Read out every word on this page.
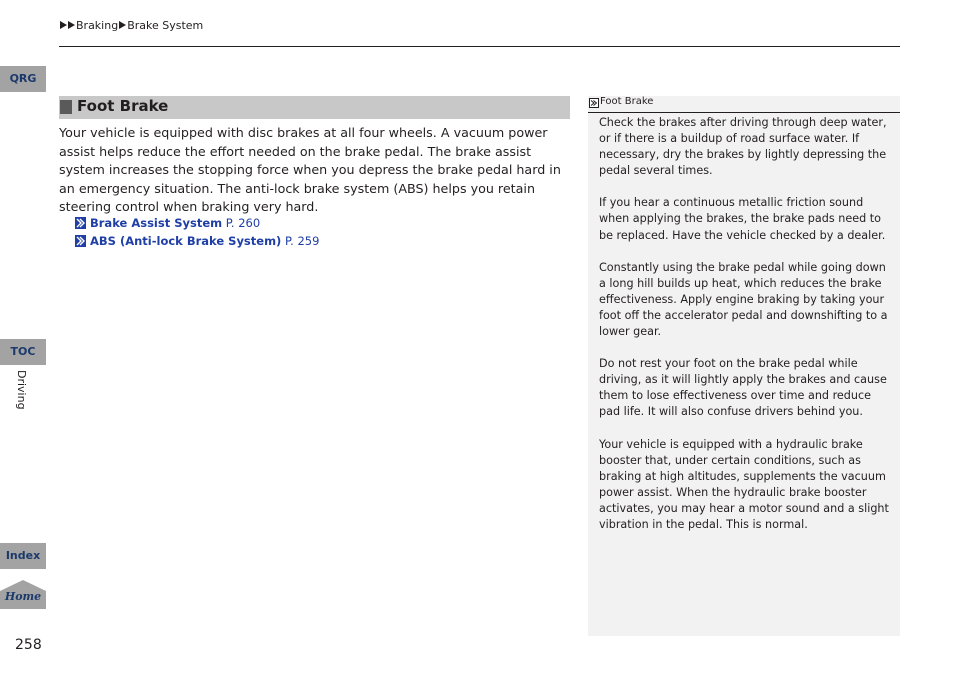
Braking Brake System
QRG
TOC
Driving
Index
Home
258
Foot Brake
Your vehicle is equipped with disc brakes at all four wheels. A vacuum power assist helps reduce the effort needed on the brake pedal. The brake assist system increases the stopping force when you depress the brake pedal hard in an emergency situation. The anti-lock brake system (ABS) helps you retain steering control when braking very hard.
Brake Assist System P. 260
ABS (Anti-lock Brake System) P. 259
Foot Brake

Check the brakes after driving through deep water, or if there is a buildup of road surface water. If necessary, dry the brakes by lightly depressing the pedal several times.

If you hear a continuous metallic friction sound when applying the brakes, the brake pads need to be replaced. Have the vehicle checked by a dealer.

Constantly using the brake pedal while going down a long hill builds up heat, which reduces the brake effectiveness. Apply engine braking by taking your foot off the accelerator pedal and downshifting to a lower gear.

Do not rest your foot on the brake pedal while driving, as it will lightly apply the brakes and cause them to lose effectiveness over time and reduce pad life. It will also confuse drivers behind you.

Your vehicle is equipped with a hydraulic brake booster that, under certain conditions, such as braking at high altitudes, supplements the vacuum power assist. When the hydraulic brake booster activates, you may hear a motor sound and a slight vibration in the pedal. This is normal.
